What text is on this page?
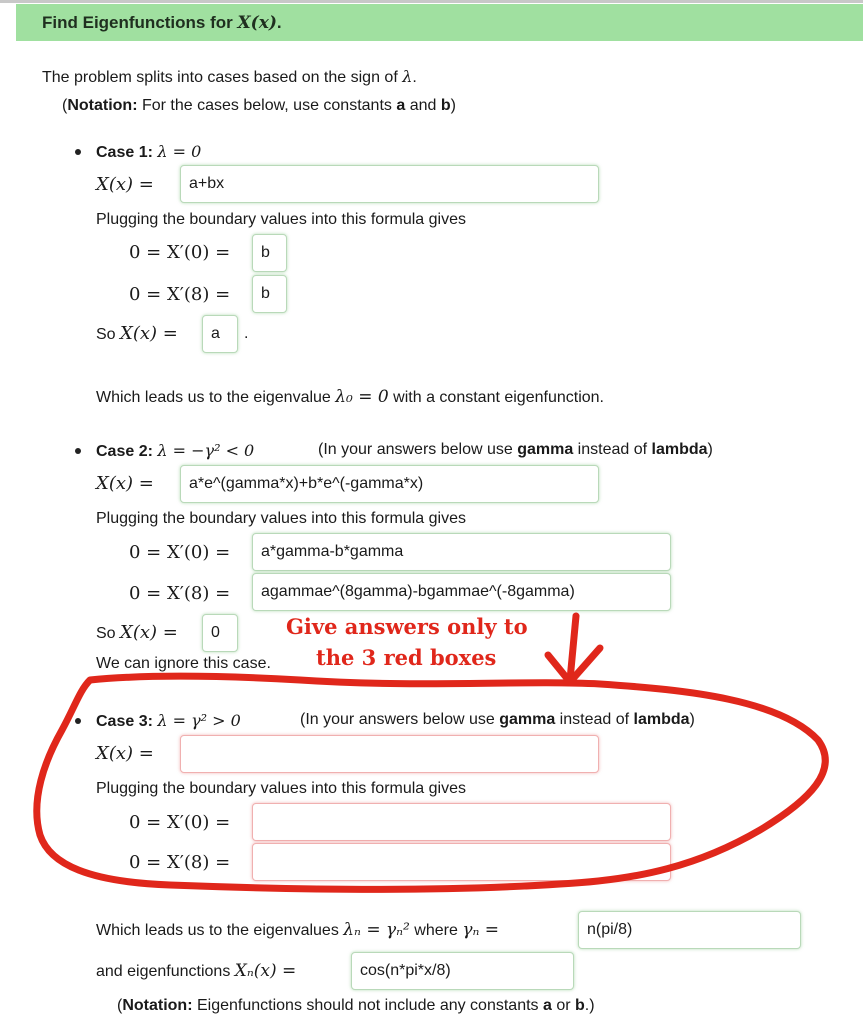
Find Eigenfunctions for X(x).
The problem splits into cases based on the sign of λ.
(Notation: For the cases below, use constants a and b)
Case 1: λ = 0
X(x) =	a+bx
Plugging the boundary values into this formula gives
0 = X′(0) =	b
0 = X′(8) =	b
So X(x) =	a	.
Which leads us to the eigenvalue λ₀ = 0 with a constant eigenfunction.
Case 2: λ = −γ² < 0	(In your answers below use gamma instead of lambda)
X(x) =	a*e^(gamma*x)+b*e^(-gamma*x)
Plugging the boundary values into this formula gives
0 = X′(0) =	a*gamma-b*gamma
0 = X′(8) =	agammae^(8gamma)-bgammae^(-8gamma)
So X(x) =	0
We can ignore this case.
Case 3: λ = γ² > 0	(In your answers below use gamma instead of lambda)
X(x) =
Plugging the boundary values into this formula gives
0 = X′(0) =
0 = X′(8) =
Which leads us to the eigenvalues λₙ = γₙ² where γₙ =	n(pi/8)
and eigenfunctions Xₙ(x) =	cos(n*pi*x/8)
(Notation: Eigenfunctions should not include any constants a or b.)
Give answers only to
the 3 red boxes
